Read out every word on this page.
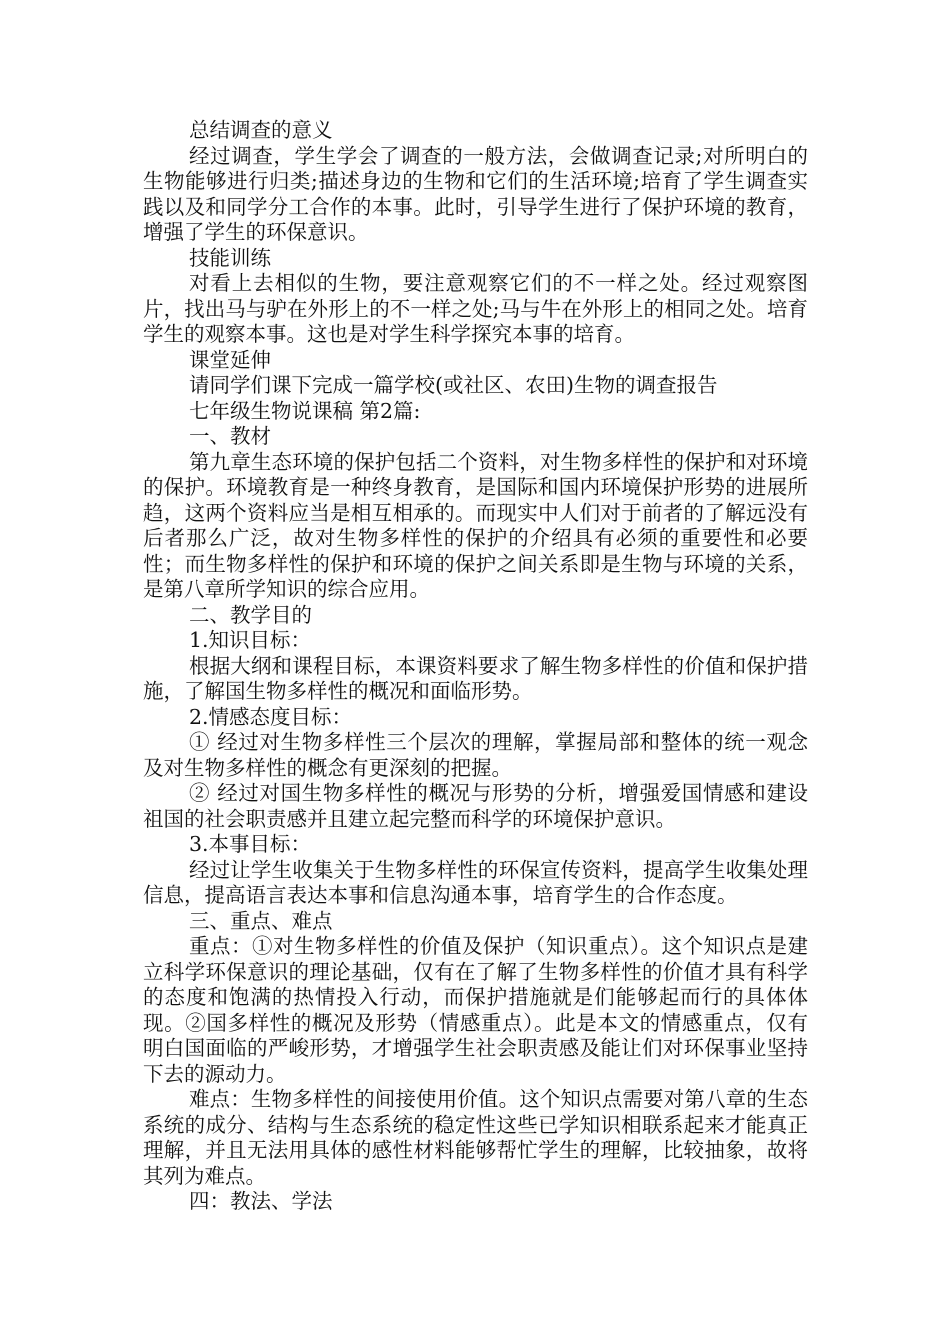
总结调查的意义

经过调查，学生学会了调查的一般方法，会做调查记录;对所明白的生物能够进行归类;描述身边的生物和它们的生活环境;培育了学生调查实践以及和同学分工合作的本事。此时，引导学生进行了保护环境的教育，增强了学生的环保意识。

技能训练

对看上去相似的生物，要注意观察它们的不一样之处。经过观察图片，找出马与驴在外形上的不一样之处;马与牛在外形上的相同之处。培育学生的观察本事。这也是对学生科学探究本事的培育。

课堂延伸

请同学们课下完成一篇学校(或社区、农田)生物的调查报告

七年级生物说课稿 第2篇:

一、教材

第九章生态环境的保护包括二个资料，对生物多样性的保护和对环境的保护。环境教育是一种终身教育，是国际和国内环境保护形势的进展所趋，这两个资料应当是相互相承的。而现实中人们对于前者的了解远没有后者那么广泛，故对生物多样性的保护的介绍具有必须的重要性和必要性；而生物多样性的保护和环境的保护之间关系即是生物与环境的关系，是第八章所学知识的综合应用。

二、教学目的

1.知识目标：

根据大纲和课程目标，本课资料要求了解生物多样性的价值和保护措施，了解国生物多样性的概况和面临形势。

2.情感态度目标：

① 经过对生物多样性三个层次的理解，掌握局部和整体的统一观念及对生物多样性的概念有更深刻的把握。

② 经过对国生物多样性的概况与形势的分析，增强爱国情感和建设祖国的社会职责感并且建立起完整而科学的环境保护意识。

3.本事目标：

经过让学生收集关于生物多样性的环保宣传资料，提高学生收集处理信息，提高语言表达本事和信息沟通本事，培育学生的合作态度。

三、重点、难点

重点：①对生物多样性的价值及保护（知识重点）。这个知识点是建立科学环保意识的理论基础，仅有在了解了生物多样性的价值才具有科学的态度和饱满的热情投入行动，而保护措施就是们能够起而行的具体体现。②国多样性的概况及形势（情感重点）。此是本文的情感重点，仅有明白国面临的严峻形势，才增强学生社会职责感及能让们对环保事业坚持下去的源动力。

难点：生物多样性的间接使用价值。这个知识点需要对第八章的生态系统的成分、结构与生态系统的稳定性这些已学知识相联系起来才能真正理解，并且无法用具体的感性材料能够帮忙学生的理解，比较抽象，故将其列为难点。

四：教法、学法
